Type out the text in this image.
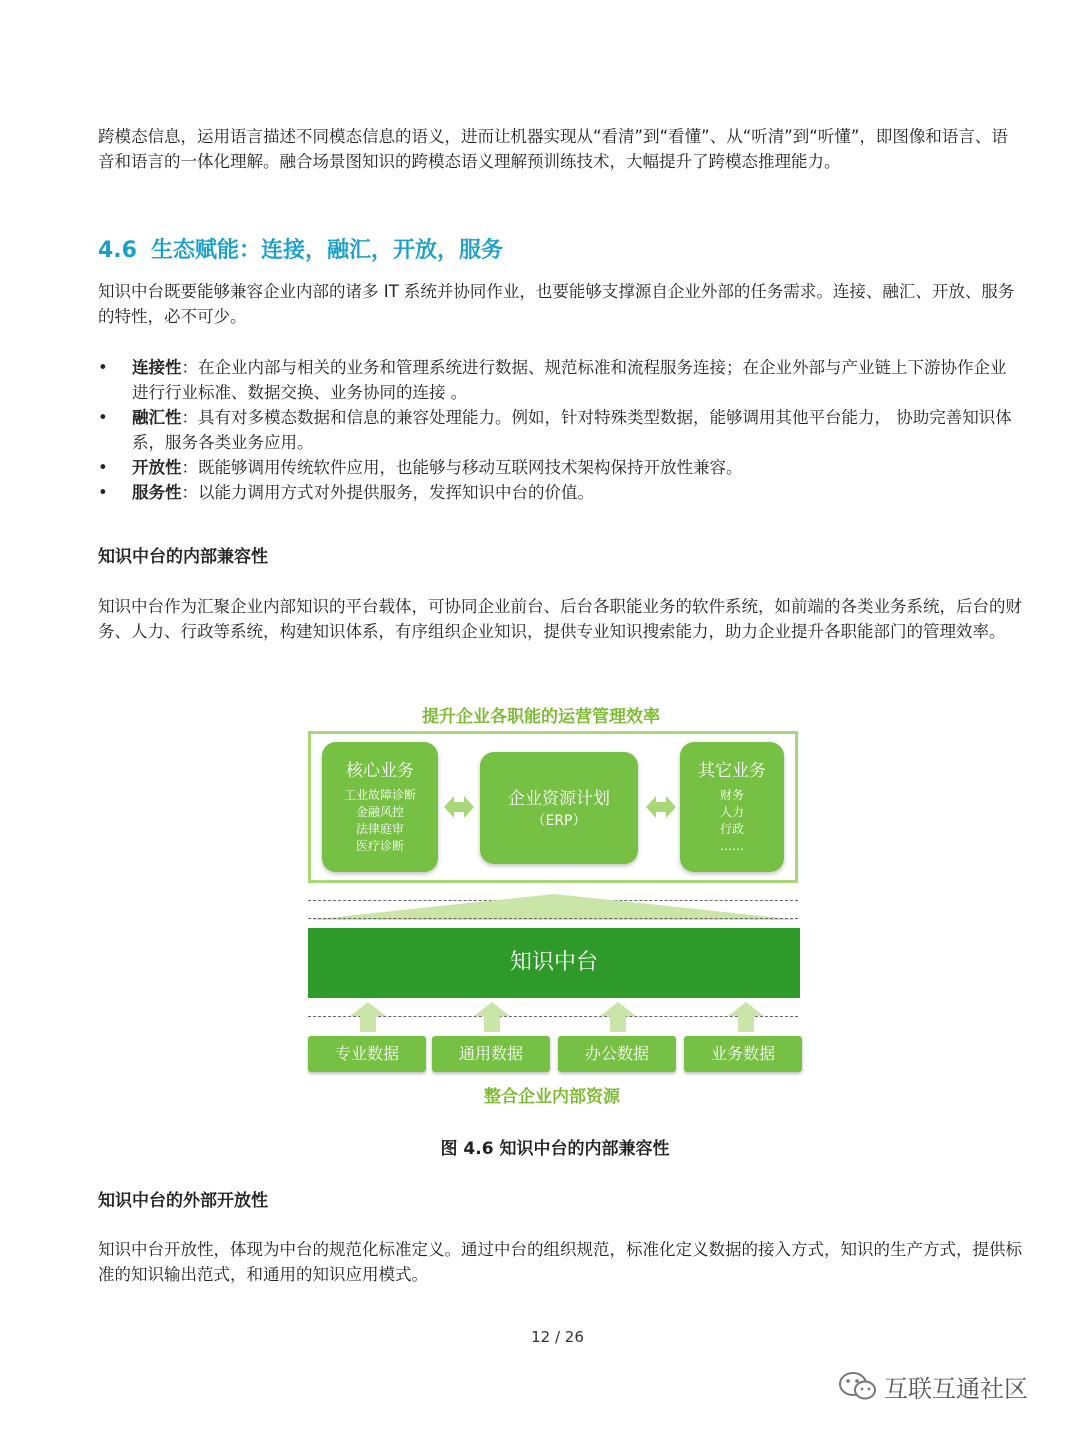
跨模态信息，运用语言描述不同模态信息的语义，进而让机器实现从“看清”到“看懂”、从“听清”到“听懂”，即图像和语言、语音和语言的一体化理解。融合场景图知识的跨模态语义理解预训练技术，大幅提升了跨模态推理能力。

4.6 生态赋能：连接，融汇，开放，服务

知识中台既要能够兼容企业内部的诸多 IT 系统并协同作业，也要能够支撑源自企业外部的任务需求。连接、融汇、开放、服务的特性，必不可少。

• 连接性：在企业内部与相关的业务和管理系统进行数据、规范标准和流程服务连接；在企业外部与产业链上下游协作企业进行行业标准、数据交换、业务协同的连接 。
• 融汇性：具有对多模态数据和信息的兼容处理能力。例如，针对特殊类型数据，能够调用其他平台能力， 协助完善知识体系，服务各类业务应用。
• 开放性：既能够调用传统软件应用，也能够与移动互联网技术架构保持开放性兼容。
• 服务性：以能力调用方式对外提供服务，发挥知识中台的价值。
知识中台的内部兼容性

知识中台作为汇聚企业内部知识的平台载体，可协同企业前台、后台各职能业务的软件系统，如前端的各类业务系统，后台的财务、人力、行政等系统，构建知识体系，有序组织企业知识，提供专业知识搜索能力，助力企业提升各职能部门的管理效率。

提升企业各职能的运营管理效率
核心业务
工业故障诊断
金融风控
法律庭审
医疗诊断
企业资源计划
（ERP）
其它业务
财务
人力
行政
……
知识中台
专业数据	通用数据	办公数据	业务数据
整合企业内部资源
图 4.6 知识中台的内部兼容性
知识中台的外部开放性

知识中台开放性，体现为中台的规范化标准定义。通过中台的组织规范，标准化定义数据的接入方式，知识的生产方式，提供标准的知识输出范式，和通用的知识应用模式。

12 / 26
互联互通社区
